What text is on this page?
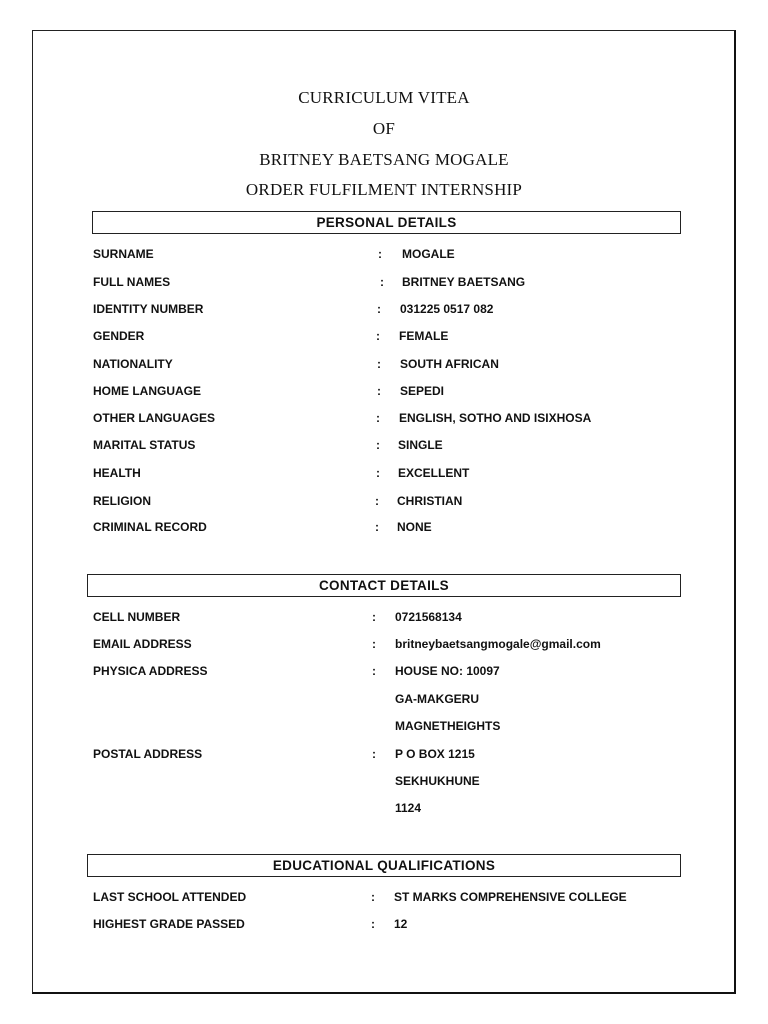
CURRICULUM VITEA
OF
BRITNEY BAETSANG MOGALE
ORDER FULFILMENT INTERNSHIP
PERSONAL DETAILS
SURNAME	: MOGALE
FULL NAMES	: BRITNEY BAETSANG
IDENTITY NUMBER	: 031225 0517 082
GENDER	: FEMALE
NATIONALITY	: SOUTH AFRICAN
HOME LANGUAGE	: SEPEDI
OTHER LANGUAGES	: ENGLISH, SOTHO AND ISIXHOSA
MARITAL STATUS	: SINGLE
HEALTH	: EXCELLENT
RELIGION	: CHRISTIAN
CRIMINAL RECORD	: NONE
CONTACT DETAILS
CELL NUMBER	: 0721568134
EMAIL ADDRESS	: britneybaetsangmogale@gmail.com
PHYSICA ADDRESS	: HOUSE NO: 10097
GA-MAKGERU
MAGNETHEIGHTS
POSTAL ADDRESS	: P O BOX 1215
SEKHUKHUNE
1124
EDUCATIONAL QUALIFICATIONS
LAST SCHOOL ATTENDED	: ST MARKS COMPREHENSIVE COLLEGE
HIGHEST GRADE PASSED	: 12
